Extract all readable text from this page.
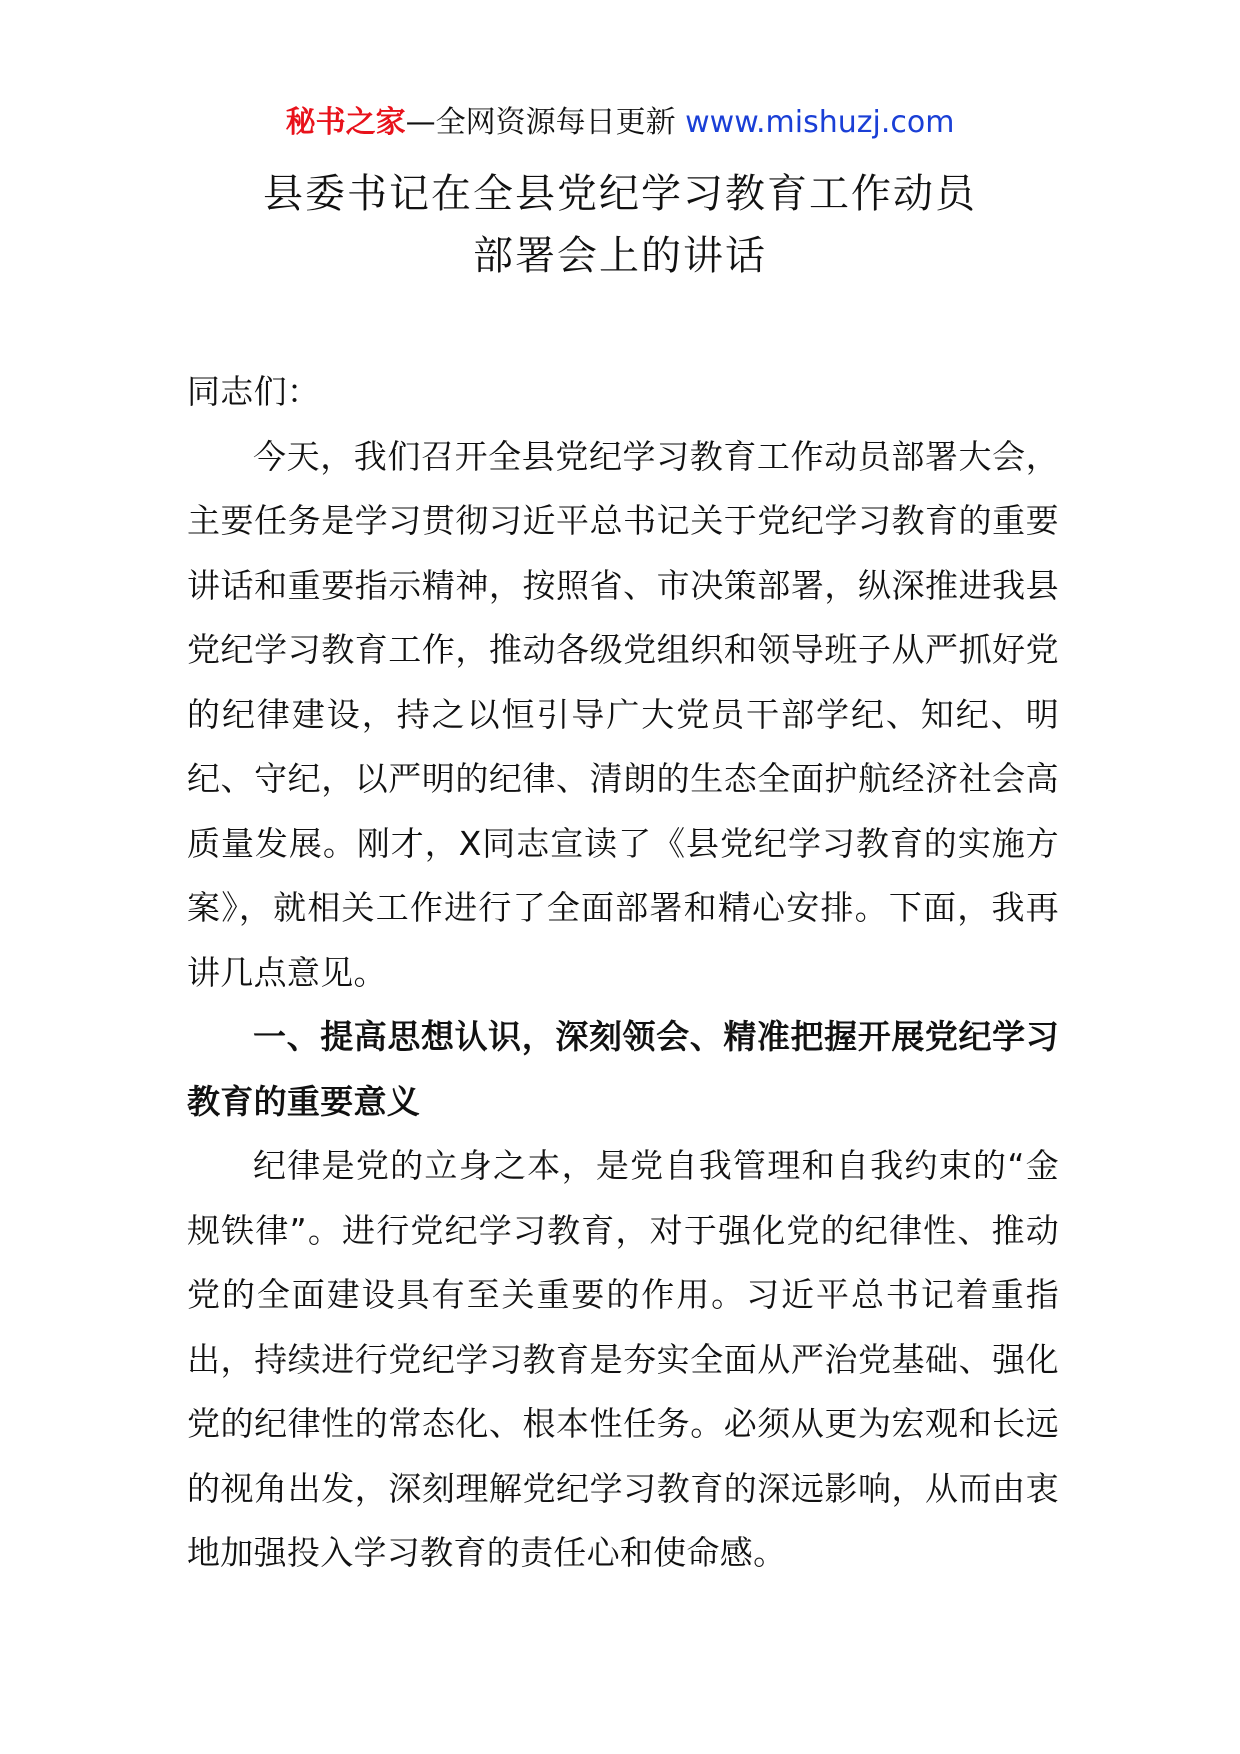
秘书之家—全网资源每日更新 www.mishuzj.com
县委书记在全县党纪学习教育工作动员
部署会上的讲话

同志们：

今天，我们召开全县党纪学习教育工作动员部署大会，主要任务是学习贯彻习近平总书记关于党纪学习教育的重要讲话和重要指示精神，按照省、市决策部署，纵深推进我县党纪学习教育工作，推动各级党组织和领导班子从严抓好党的纪律建设，持之以恒引导广大党员干部学纪、知纪、明纪、守纪，以严明的纪律、清朗的生态全面护航经济社会高质量发展。刚才，X同志宣读了《县党纪学习教育的实施方案》，就相关工作进行了全面部署和精心安排。下面，我再讲几点意见。

一、提高思想认识，深刻领会、精准把握开展党纪学习教育的重要意义

纪律是党的立身之本，是党自我管理和自我约束的“金规铁律”。进行党纪学习教育，对于强化党的纪律性、推动党的全面建设具有至关重要的作用。习近平总书记着重指出，持续进行党纪学习教育是夯实全面从严治党基础、强化党的纪律性的常态化、根本性任务。必须从更为宏观和长远的视角出发，深刻理解党纪学习教育的深远影响，从而由衷地加强投入学习教育的责任心和使命感。
